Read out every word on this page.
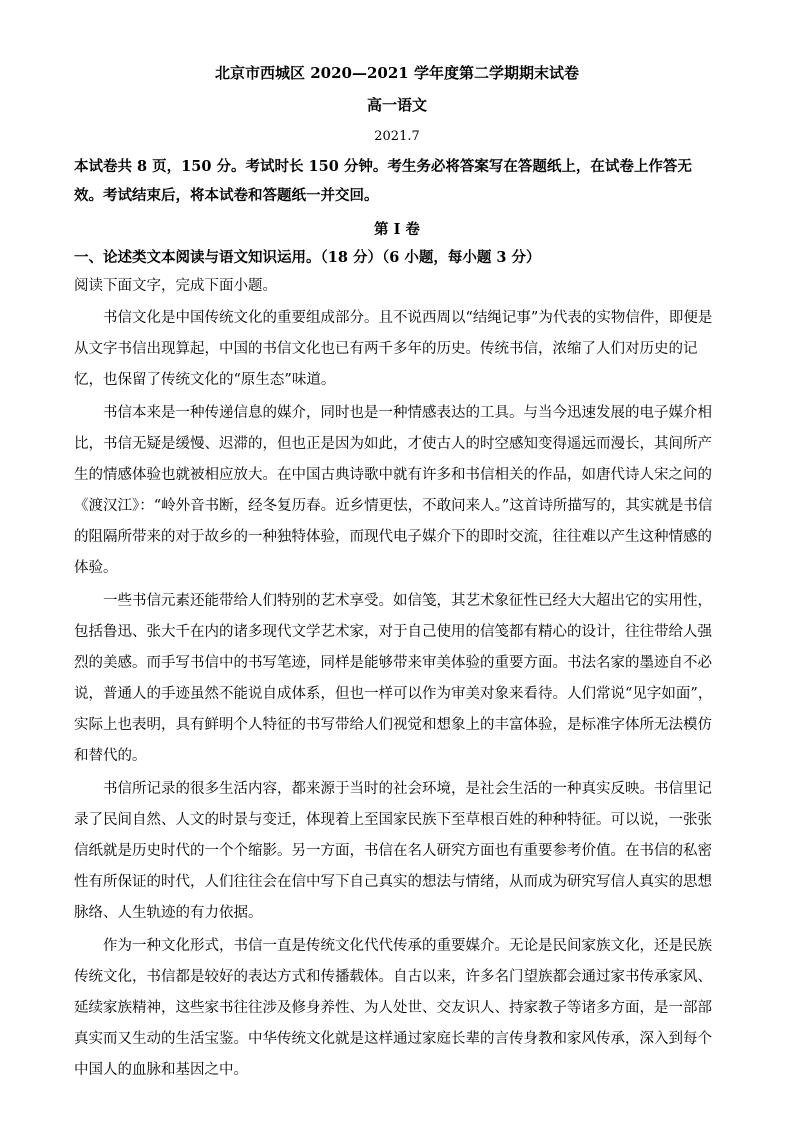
北京市西城区 2020—2021 学年度第二学期期末试卷
高一语文
2021.7
本试卷共 8 页，150 分。考试时长 150 分钟。考生务必将答案写在答题纸上，在试卷上作答无效。考试结束后，将本试卷和答题纸一并交回。
第 I 卷
一、论述类文本阅读与语文知识运用。（18 分）（6 小题，每小题 3 分）
阅读下面文字，完成下面小题。
书信文化是中国传统文化的重要组成部分。且不说西周以“结绳记事”为代表的实物信件，即便是从文字书信出现算起，中国的书信文化也已有两千多年的历史。传统书信，浓缩了人们对历史的记忆，也保留了传统文化的“原生态”味道。
书信本来是一种传递信息的媒介，同时也是一种情感表达的工具。与当今迅速发展的电子媒介相比，书信无疑是缓慢、迟滞的，但也正是因为如此，才使古人的时空感知变得遥远而漫长，其间所产生的情感体验也就被相应放大。在中国古典诗歌中就有许多和书信相关的作品，如唐代诗人宋之问的《渡汉江》：“岭外音书断，经冬复历春。近乡情更怯，不敢问来人。”这首诗所描写的，其实就是书信的阻隔所带来的对于故乡的一种独特体验，而现代电子媒介下的即时交流，往往难以产生这种情感的体验。
一些书信元素还能带给人们特别的艺术享受。如信笺，其艺术象征性已经大大超出它的实用性，包括鲁迅、张大千在内的诸多现代文学艺术家，对于自己使用的信笺都有精心的设计，往往带给人强烈的美感。而手写书信中的书写笔迹，同样是能够带来审美体验的重要方面。书法名家的墨迹自不必说，普通人的手迹虽然不能说自成体系，但也一样可以作为审美对象来看待。人们常说“见字如面”，实际上也表明，具有鲜明个人特征的书写带给人们视觉和想象上的丰富体验，是标准字体所无法模仿和替代的。
书信所记录的很多生活内容，都来源于当时的社会环境，是社会生活的一种真实反映。书信里记录了民间自然、人文的时景与变迁，体现着上至国家民族下至草根百姓的种种特征。可以说，一张张信纸就是历史时代的一个个缩影。另一方面，书信在名人研究方面也有重要参考价值。在书信的私密性有所保证的时代，人们往往会在信中写下自己真实的想法与情绪，从而成为研究写信人真实的思想脉络、人生轨迹的有力依据。
作为一种文化形式，书信一直是传统文化代代传承的重要媒介。无论是民间家族文化，还是民族传统文化，书信都是较好的表达方式和传播载体。自古以来，许多名门望族都会通过家书传承家风、延续家族精神，这些家书往往涉及修身养性、为人处世、交友识人、持家教子等诸多方面，是一部部真实而又生动的生活宝鉴。中华传统文化就是这样通过家庭长辈的言传身教和家风传承，深入到每个中国人的血脉和基因之中。
